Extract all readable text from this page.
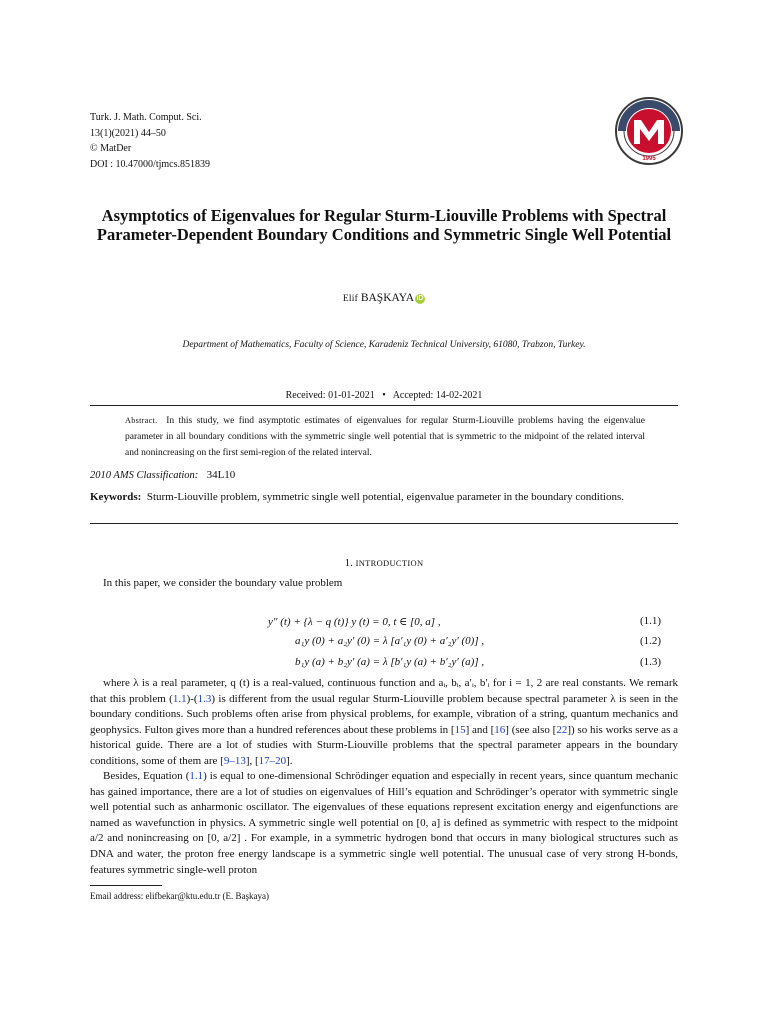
Turk. J. Math. Comput. Sci.
13(1)(2021) 44–50
© MatDer
DOI : 10.47000/tjmcs.851839	1995
Asymptotics of Eigenvalues for Regular Sturm-Liouville Problems with Spectral Parameter-Dependent Boundary Conditions and Symmetric Single Well Potential
Elif BAŞKAYA iD
Department of Mathematics, Faculty of Science, Karadeniz Technical University, 61080, Trabzon, Turkey.
Received: 01-01-2021 • Accepted: 14-02-2021
Abstract. In this study, we find asymptotic estimates of eigenvalues for regular Sturm-Liouville problems having the eigenvalue parameter in all boundary conditions with the symmetric single well potential that is symmetric to the midpoint of the related interval and nonincreasing on the first semi-region of the related interval.
2010 AMS Classification: 34L10
Keywords: Sturm-Liouville problem, symmetric single well potential, eigenvalue parameter in the boundary conditions.
1. INTRODUCTION
In this paper, we consider the boundary value problem
y″ (t) + {λ − q (t)} y (t) = 0, t ∈ [0, a] ,	(1.1)
a₁y (0) + a₂y′ (0) = λ [a′₁y (0) + a′₂y′ (0)] ,	(1.2)
b₁y (a) + b₂y′ (a) = λ [b′₁y (a) + b′₂y′ (a)] ,	(1.3)
where λ is a real parameter, q (t) is a real-valued, continuous function and aᵢ, bᵢ, a′ᵢ, b′ᵢ for i = 1, 2 are real constants. We remark that this problem (1.1)-(1.3) is different from the usual regular Sturm-Liouville problem because spectral parameter λ is seen in the boundary conditions. Such problems often arise from physical problems, for example, vibration of a string, quantum mechanics and geophysics. Fulton gives more than a hundred references about these problems in [15] and [16] (see also [22]) so his works serve as a historical guide. There are a lot of studies with Sturm-Liouville problems that the spectral parameter appears in the boundary conditions, some of them are [9–13], [17–20].
Besides, Equation (1.1) is equal to one-dimensional Schrödinger equation and especially in recent years, since quantum mechanic has gained importance, there are a lot of studies on eigenvalues of Hill’s equation and Schrödinger’s operator with symmetric single well potential such as anharmonic oscillator. The eigenvalues of these equations represent excitation energy and eigenfunctions are named as wavefunction in physics. A symmetric single well potential on [0, a] is defined as symmetric with respect to the midpoint a/2 and nonincreasing on [0, a/2] . For example, in a symmetric hydrogen bond that occurs in many biological structures such as DNA and water, the proton free energy landscape is a symmetric single well potential. The unusual case of very strong H-bonds, features symmetric single-well proton
Email address: elifbekar@ktu.edu.tr (E. Başkaya)
